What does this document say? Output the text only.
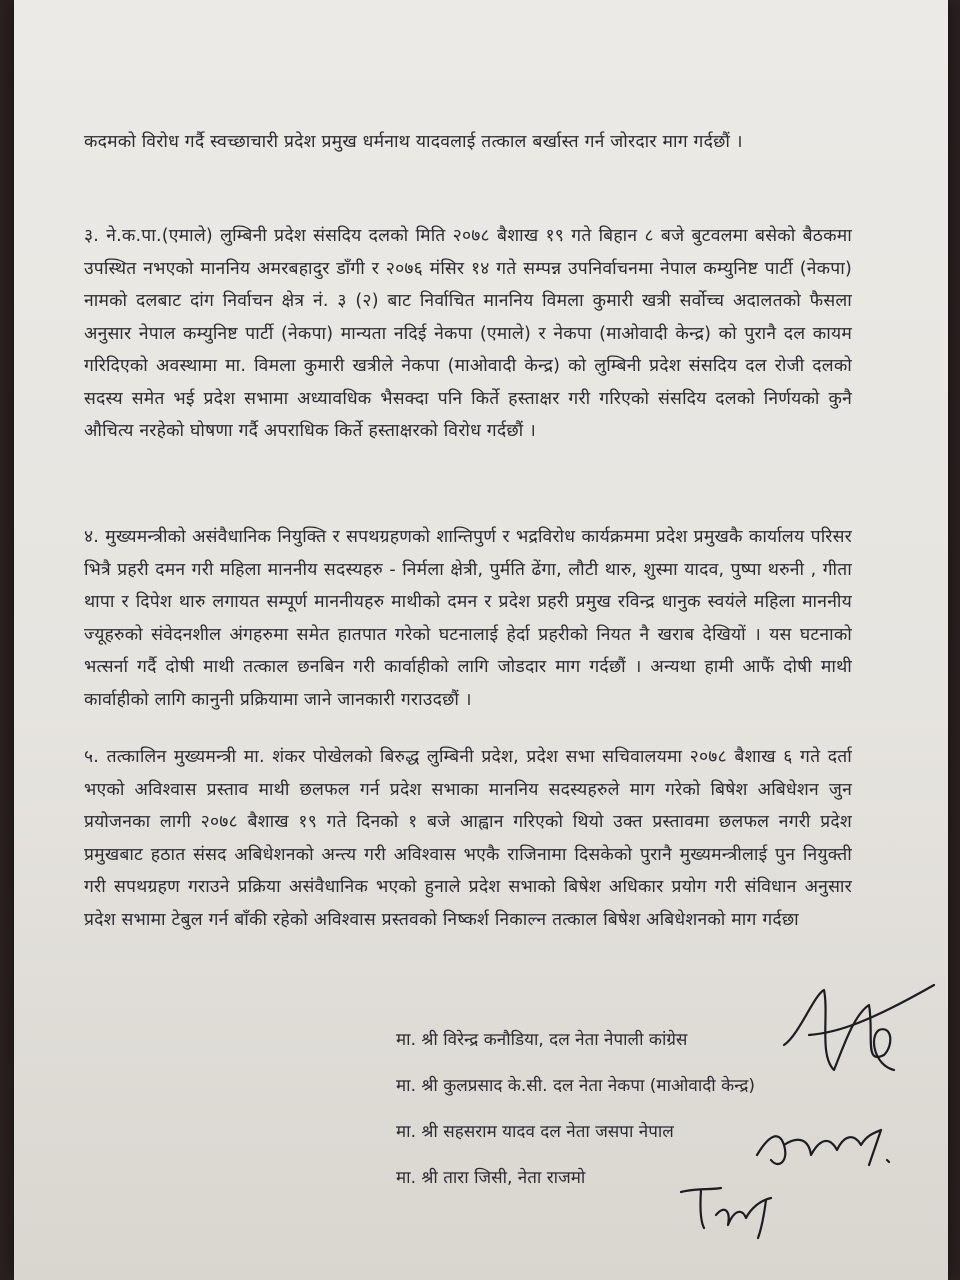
कदमको विरोध गर्दै स्वच्छाचारी प्रदेश प्रमुख धर्मनाथ यादवलाई तत्काल बर्खास्त गर्न जोरदार माग गर्दछौं ।

३. ने.क.पा.(एमाले) लुम्बिनी प्रदेश संसदिय दलको मिति २०७८ बैशाख १९ गते बिहान ८ बजे बुटवलमा बसेको बैठकमा उपस्थित नभएको माननिय अमरबहादुर डाँगी र २०७६ मंसिर १४ गते सम्पन्न उपनिर्वाचनमा नेपाल कम्युनिष्ट पार्टी (नेकपा) नामको दलबाट दांग निर्वाचन क्षेत्र नं. ३ (२) बाट निर्वाचित माननिय विमला कुमारी खत्री सर्वोच्च अदालतको फैसला अनुसार नेपाल कम्युनिष्ट पार्टी (नेकपा) मान्यता नदिई नेकपा (एमाले) र नेकपा (माओवादी केन्द्र) को पुरानै दल कायम गरिदिएको अवस्थामा मा. विमला कुमारी खत्रीले नेकपा (माओवादी केन्द्र) को लुम्बिनी प्रदेश संसदिय दल रोजी दलको सदस्य समेत भई प्रदेश सभामा अध्यावधिक भैसक्दा पनि किर्ते हस्ताक्षर गरी गरिएको संसदिय दलको निर्णयको कुनै औचित्य नरहेको घोषणा गर्दै अपराधिक किर्ते हस्ताक्षरको विरोध गर्दछौं ।

४. मुख्यमन्त्रीको असंवैधानिक नियुक्ति र सपथग्रहणको शान्तिपुर्ण र भद्रविरोध कार्यक्रममा प्रदेश प्रमुखकै कार्यालय परिसर भित्रै प्रहरी दमन गरी महिला माननीय सदस्यहरु - निर्मला क्षेत्री, पुर्मति ढेंगा, लौटी थारु, शुस्मा यादव, पुष्पा थरुनी , गीता थापा र दिपेश थारु लगायत सम्पूर्ण माननीयहरु माथीको दमन र प्रदेश प्रहरी प्रमुख रविन्द्र धानुक स्वयंले महिला माननीय ज्यूहरुको संवेदनशील अंगहरुमा समेत हातपात गरेको घटनालाई हेर्दा प्रहरीको नियत नै खराब देखियों । यस घटनाको भत्सर्ना गर्दै दोषी माथी तत्काल छनबिन गरी कार्वाहीको लागि जोडदार माग गर्दछौं । अन्यथा हामी आफैं दोषी माथी कार्वाहीको लागि कानुनी प्रक्रियामा जाने जानकारी गराउदछौं ।

५. तत्कालिन मुख्यमन्त्री मा. शंकर पोखेलको बिरुद्ध लुम्बिनी प्रदेश, प्रदेश सभा सचिवालयमा २०७८ बैशाख ६ गते दर्ता भएको अविश्वास प्रस्ताव माथी छलफल गर्न प्रदेश सभाका माननिय सदस्यहरुले माग गरेको बिषेश अबिधेशन जुन प्रयोजनका लागी २०७८ बैशाख १९ गते दिनको १ बजे आह्वान गरिएको थियो उक्त प्रस्तावमा छलफल नगरी प्रदेश प्रमुखबाट हठात संसद अबिधेशनको अन्त्य गरी अविश्वास भएकै राजिनामा दिसकेको पुरानै मुख्यमन्त्रीलाई पुन नियुक्ती गरी सपथग्रहण गराउने प्रक्रिया असंवैधानिक भएको हुनाले प्रदेश सभाको बिषेश अधिकार प्रयोग गरी संविधान अनुसार प्रदेश सभामा टेबुल गर्न बाँकी रहेको अविश्वास प्रस्तवको निष्कर्श निकाल्न तत्काल बिषेश अबिधेशनको माग गर्दछा

मा. श्री विरेन्द्र कनौडिया, दल नेता नेपाली कांग्रेस
मा. श्री कुलप्रसाद के.सी. दल नेता नेकपा (माओवादी केन्द्र)
मा. श्री सहसराम यादव दल नेता जसपा नेपाल
मा. श्री तारा जिसी, नेता राजमो
